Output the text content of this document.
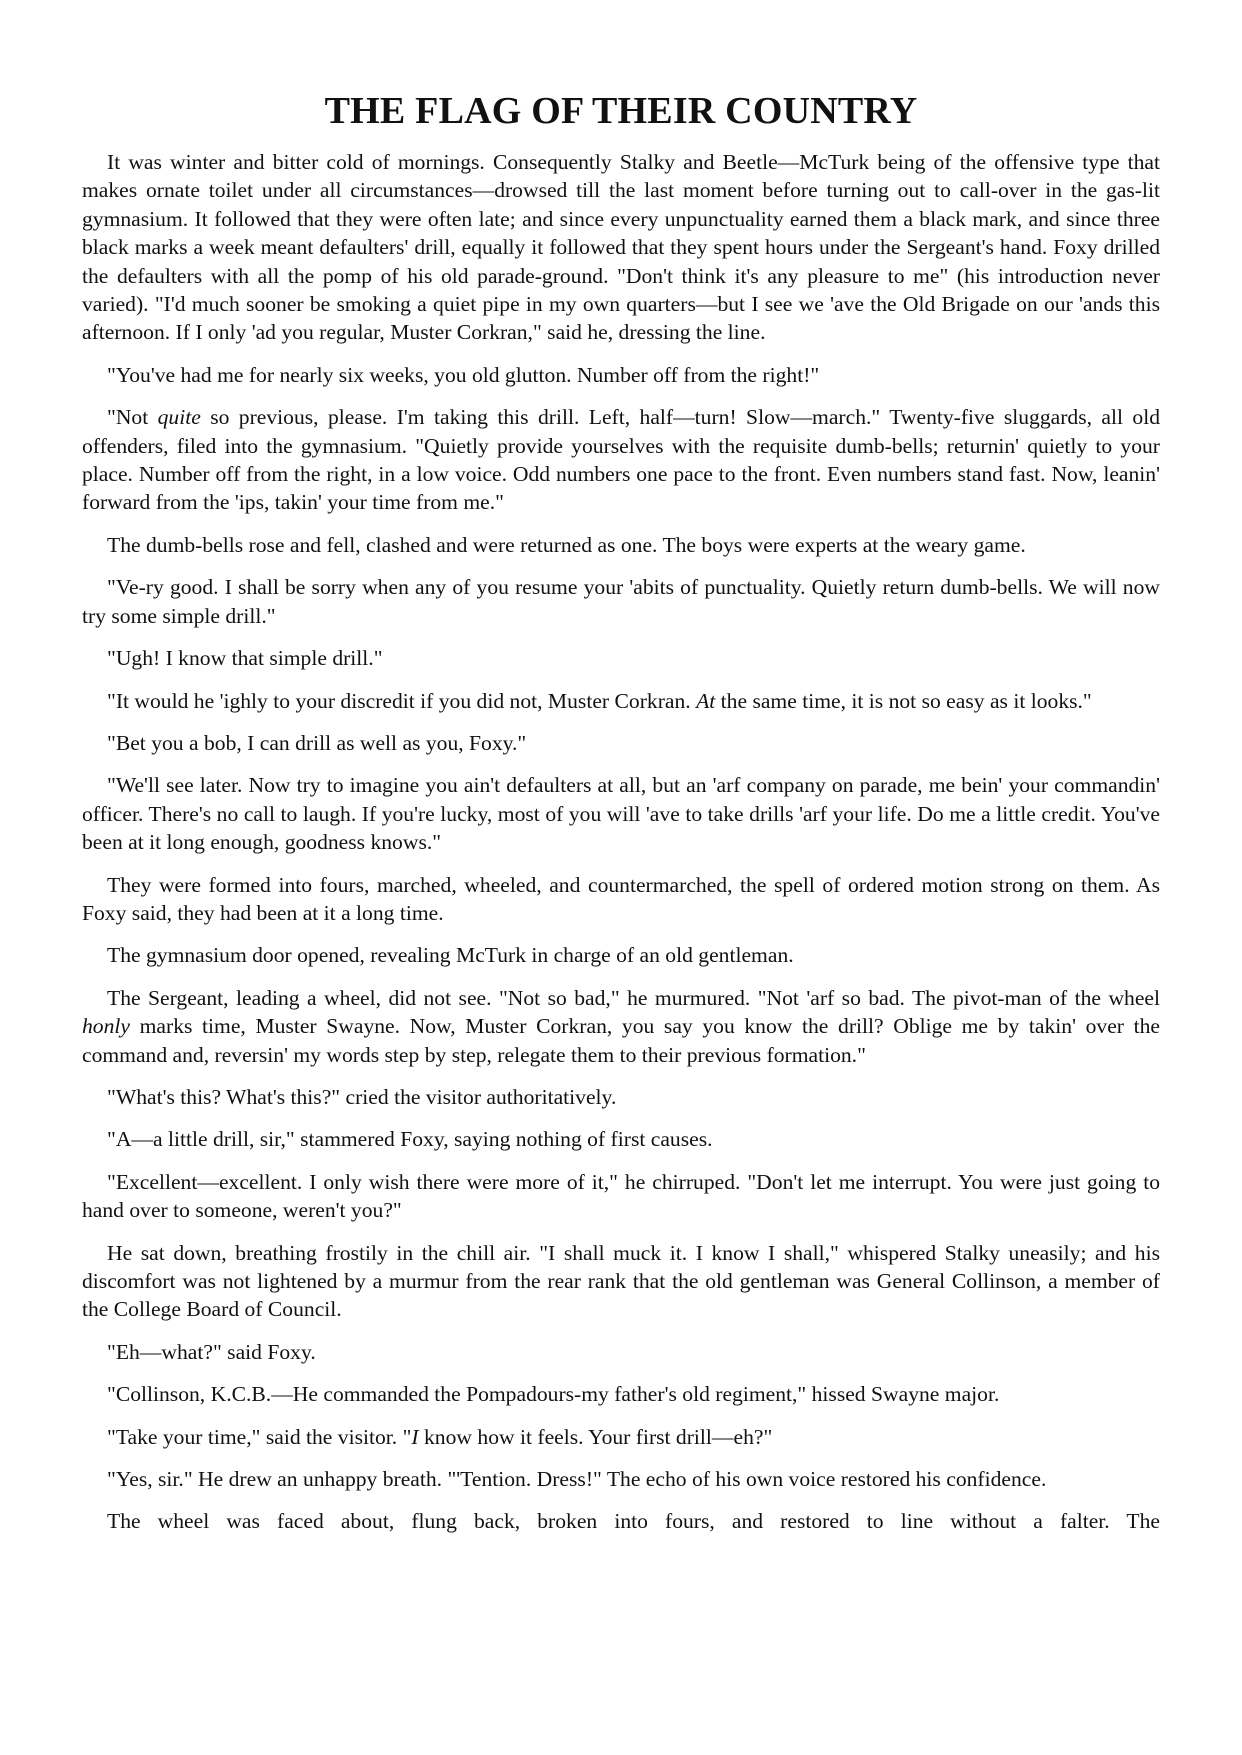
THE FLAG OF THEIR COUNTRY

It was winter and bitter cold of mornings. Consequently Stalky and Beetle—McTurk being of the offensive type that makes ornate toilet under all circumstances—drowsed till the last moment before turning out to call-over in the gas-lit gymnasium. It followed that they were often late; and since every unpunctuality earned them a black mark, and since three black marks a week meant defaulters' drill, equally it followed that they spent hours under the Sergeant's hand. Foxy drilled the defaulters with all the pomp of his old parade-ground. "Don't think it's any pleasure to me" (his introduction never varied). "I'd much sooner be smoking a quiet pipe in my own quarters—but I see we 'ave the Old Brigade on our 'ands this afternoon. If I only 'ad you regular, Muster Corkran," said he, dressing the line.

"You've had me for nearly six weeks, you old glutton. Number off from the right!"

"Not quite so previous, please. I'm taking this drill. Left, half—turn! Slow—march." Twenty-five sluggards, all old offenders, filed into the gymnasium. "Quietly provide yourselves with the requisite dumb-bells; returnin' quietly to your place. Number off from the right, in a low voice. Odd numbers one pace to the front. Even numbers stand fast. Now, leanin' forward from the 'ips, takin' your time from me."

The dumb-bells rose and fell, clashed and were returned as one. The boys were experts at the weary game.

"Ve-ry good. I shall be sorry when any of you resume your 'abits of punctuality. Quietly return dumb-bells. We will now try some simple drill."

"Ugh! I know that simple drill."

"It would he 'ighly to your discredit if you did not, Muster Corkran. At the same time, it is not so easy as it looks."

"Bet you a bob, I can drill as well as you, Foxy."

"We'll see later. Now try to imagine you ain't defaulters at all, but an 'arf company on parade, me bein' your commandin' officer. There's no call to laugh. If you're lucky, most of you will 'ave to take drills 'arf your life. Do me a little credit. You've been at it long enough, goodness knows."

They were formed into fours, marched, wheeled, and countermarched, the spell of ordered motion strong on them. As Foxy said, they had been at it a long time.

The gymnasium door opened, revealing McTurk in charge of an old gentleman.

The Sergeant, leading a wheel, did not see. "Not so bad," he murmured. "Not 'arf so bad. The pivot-man of the wheel honly marks time, Muster Swayne. Now, Muster Corkran, you say you know the drill? Oblige me by takin' over the command and, reversin' my words step by step, relegate them to their previous formation."

"What's this? What's this?" cried the visitor authoritatively.

"A—a little drill, sir," stammered Foxy, saying nothing of first causes.

"Excellent—excellent. I only wish there were more of it," he chirruped. "Don't let me interrupt. You were just going to hand over to someone, weren't you?"

He sat down, breathing frostily in the chill air. "I shall muck it. I know I shall," whispered Stalky uneasily; and his discomfort was not lightened by a murmur from the rear rank that the old gentleman was General Collinson, a member of the College Board of Council.

"Eh—what?" said Foxy.

"Collinson, K.C.B.—He commanded the Pompadours-my father's old regiment," hissed Swayne major.

"Take your time," said the visitor. "I know how it feels. Your first drill—eh?"

"Yes, sir." He drew an unhappy breath. "'Tention. Dress!" The echo of his own voice restored his confidence.

The wheel was faced about, flung back, broken into fours, and restored to line without a falter. The
